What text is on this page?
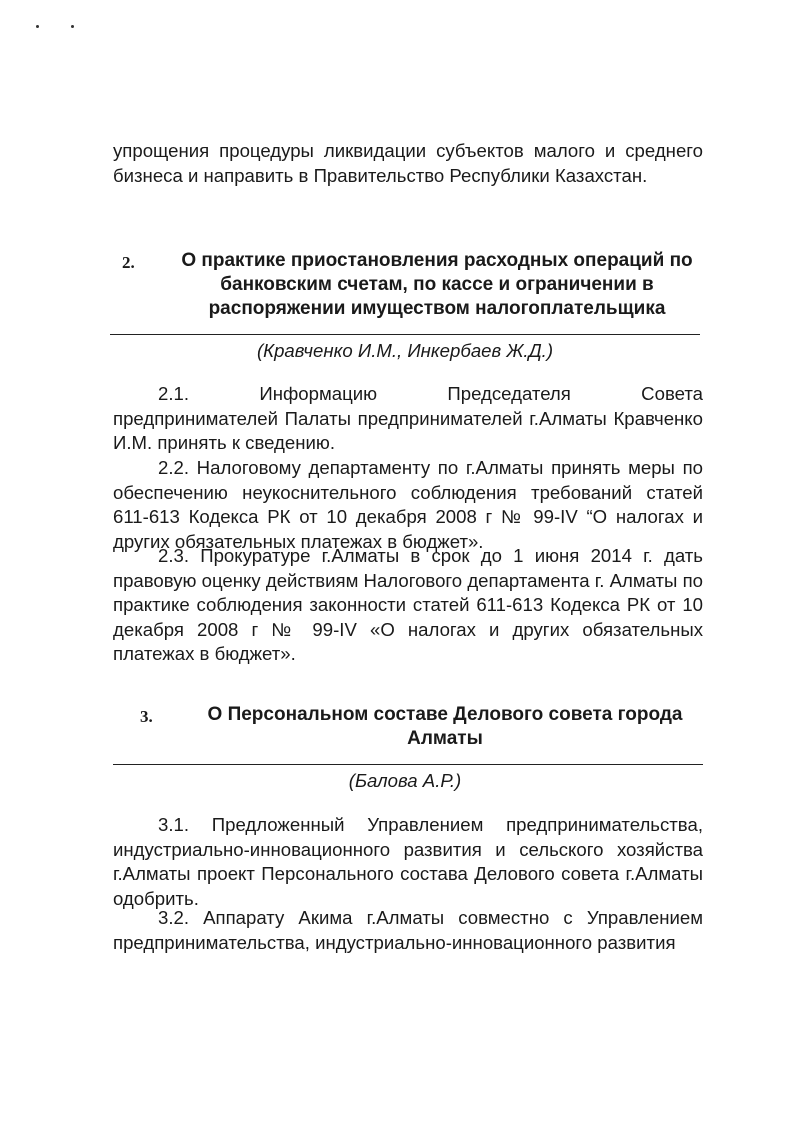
упрощения процедуры ликвидации субъектов малого и среднего бизнеса и направить в Правительство Республики Казахстан.
2.	О практике приостановления расходных операций по
банковским счетам, по кассе и ограничении в
распоряжении имуществом налогоплательщика
(Кравченко И.М., Инкербаев Ж.Д.)
2.1. Информацию Председателя Совета
предпринимателей Палаты предпринимателей г.Алматы Кравченко И.М. принять к сведению.
2.2. Налоговому департаменту по г.Алматы принять меры по обеспечению неукоснительного соблюдения требований статей 611-613 Кодекса РК от 10 декабря 2008 г № 99-IV “О налогах и других обязательных платежах в бюджет».
2.3. Прокуратуре г.Алматы в срок до 1 июня 2014 г. дать правовую оценку действиям Налогового департамента г. Алматы по практике соблюдения законности статей 611-613 Кодекса РК от 10 декабря 2008 г № 99-IV «О налогах и других обязательных платежах в бюджет».
3.	О Персональном составе Делового совета города
Алматы
(Балова А.Р.)
3.1. Предложенный Управлением предпринимательства, индустриально-инновационного развития и сельского хозяйства г.Алматы проект Персонального состава Делового совета г.Алматы одобрить.
3.2. Аппарату Акима г.Алматы совместно с Управлением предпринимательства, индустриально-инновационного развития
